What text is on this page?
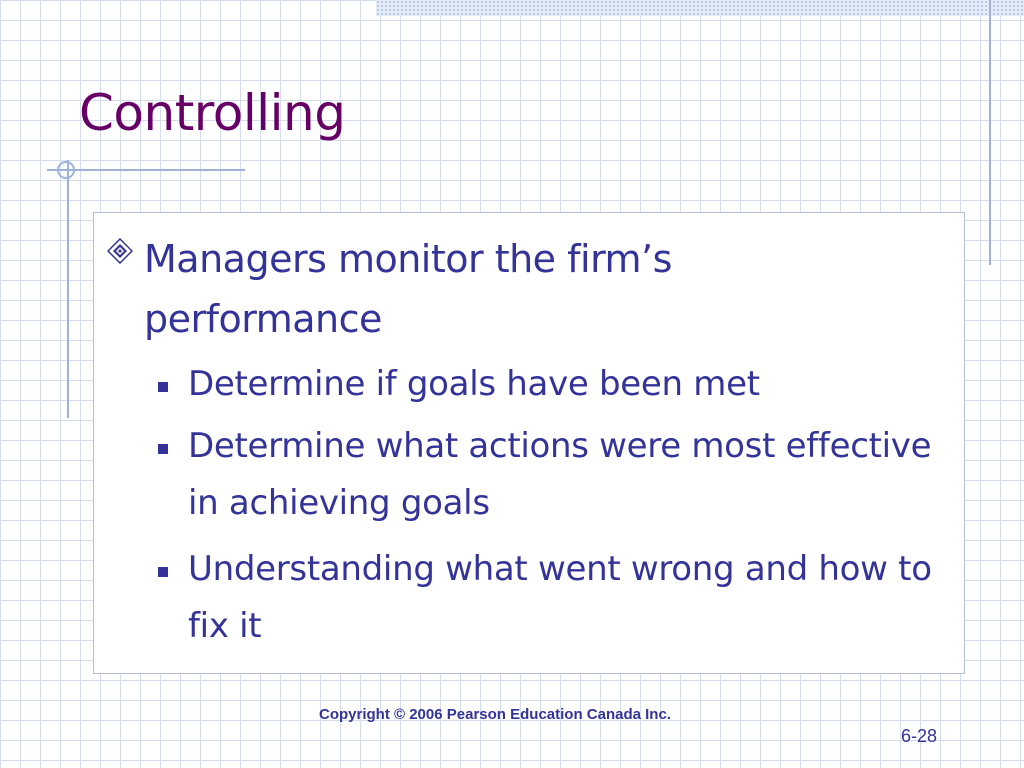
Controlling
Managers monitor the firm’s performance
Determine if goals have been met
Determine what actions were most effective in achieving goals
Understanding what went wrong and how to fix it
Copyright © 2006 Pearson Education Canada Inc.
6-28
